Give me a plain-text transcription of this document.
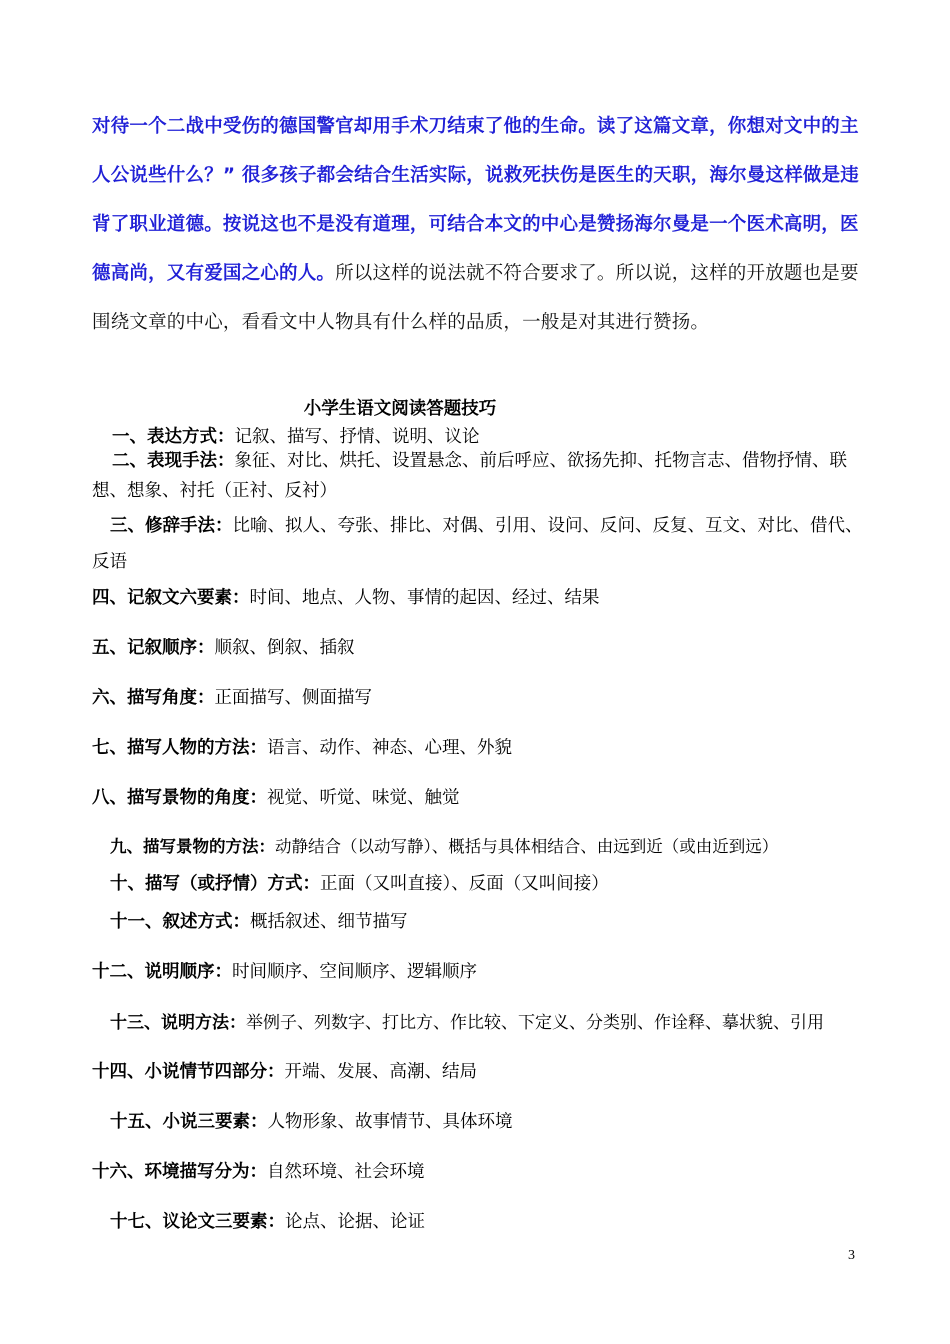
对待一个二战中受伤的德国警官却用手术刀结束了他的生命。读了这篇文章，你想对文中的主人公说些什么？” 很多孩子都会结合生活实际，说救死扶伤是医生的天职，海尔曼这样做是违背了职业道德。按说这也不是没有道理，可结合本文的中心是赞扬海尔曼是一个医术高明，医德高尚，又有爱国之心的人。所以这样的说法就不符合要求了。所以说，这样的开放题也是要围绕文章的中心，看看文中人物具有什么样的品质，一般是对其进行赞扬。
小学生语文阅读答题技巧
一、表达方式：记叙、描写、抒情、说明、议论
二、表现手法：象征、对比、烘托、设置悬念、前后呼应、欲扬先抑、托物言志、借物抒情、联想、想象、衬托（正衬、反衬）
三、修辞手法：比喻、拟人、夸张、排比、对偶、引用、设问、反问、反复、互文、对比、借代、反语
四、记叙文六要素：时间、地点、人物、事情的起因、经过、结果
五、记叙顺序：顺叙、倒叙、插叙
六、描写角度：正面描写、侧面描写
七、描写人物的方法：语言、动作、神态、心理、外貌
八、描写景物的角度：视觉、听觉、味觉、触觉
九、描写景物的方法：动静结合（以动写静）、概括与具体相结合、由远到近（或由近到远）
十、描写（或抒情）方式：正面（又叫直接）、反面（又叫间接）
十一、叙述方式：概括叙述、细节描写
十二、说明顺序：时间顺序、空间顺序、逻辑顺序
十三、说明方法：举例子、列数字、打比方、作比较、下定义、分类别、作诠释、摹状貌、引用
十四、小说情节四部分：开端、发展、高潮、结局
十五、小说三要素：人物形象、故事情节、具体环境
十六、环境描写分为：自然环境、社会环境
十七、议论文三要素：论点、论据、论证
3
